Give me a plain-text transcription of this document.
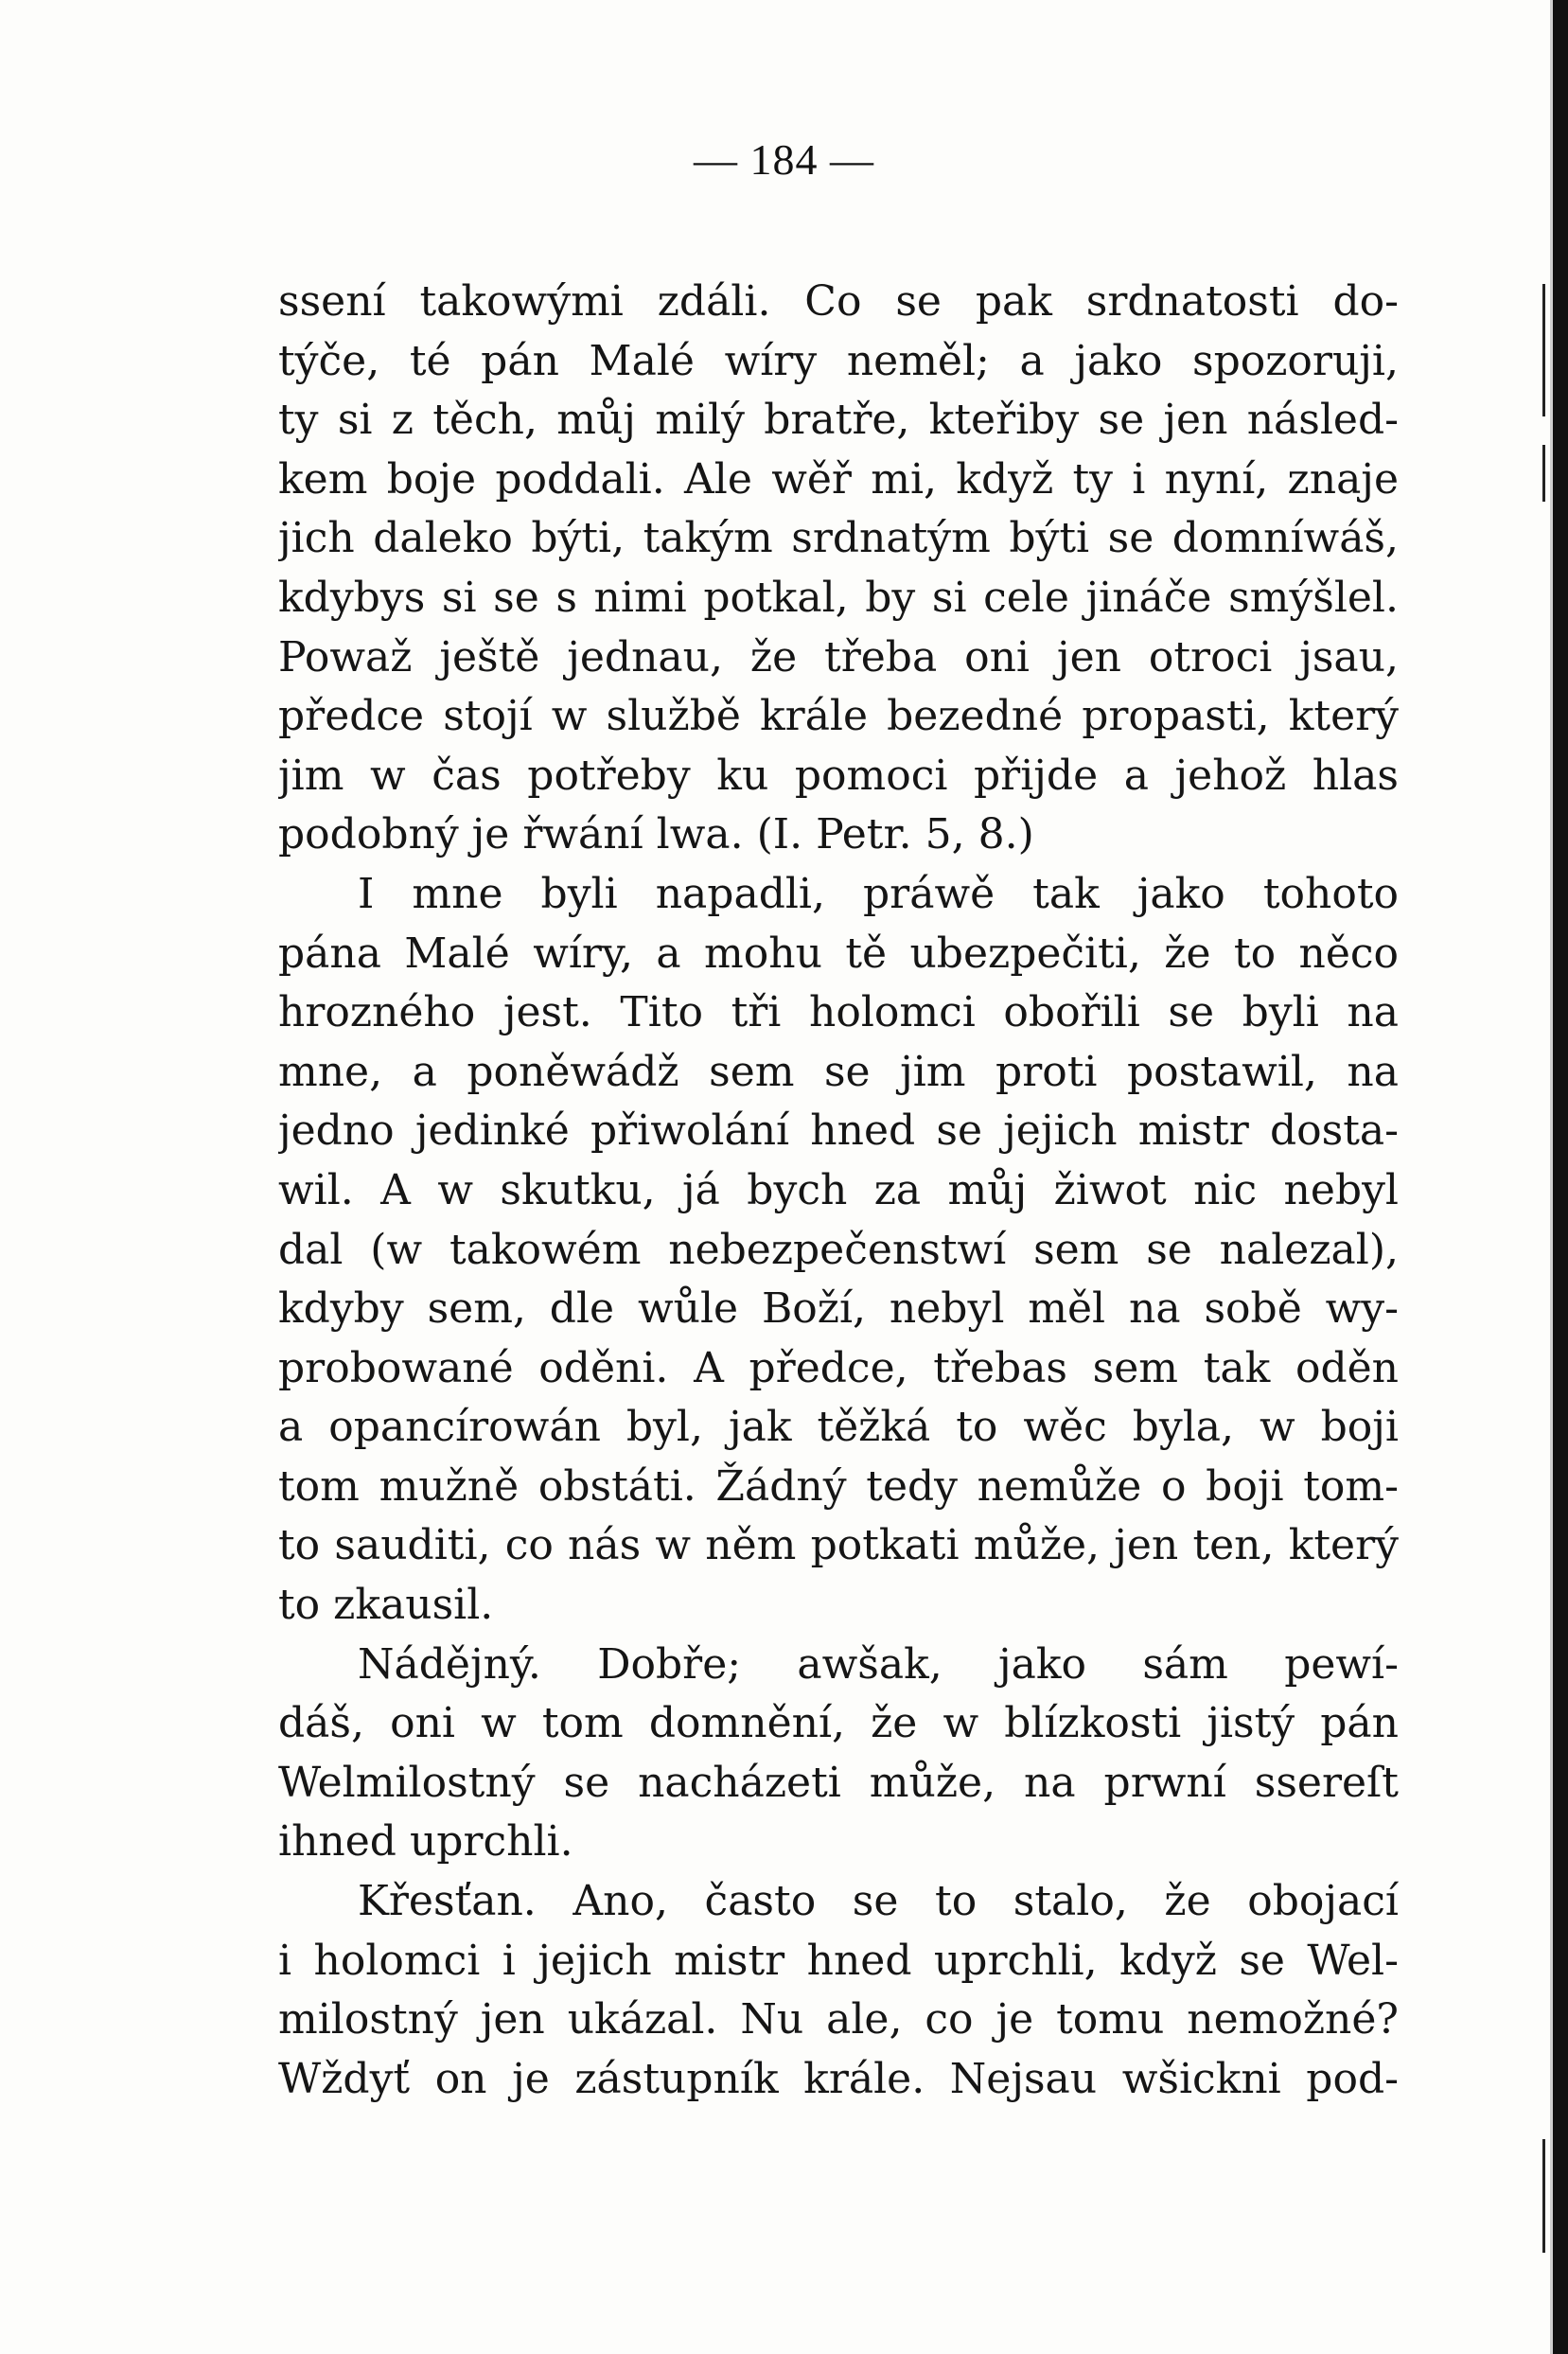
— 184 —
ssení takowými zdáli. Co se pak srdnatosti do-
týče, té pán Malé wíry neměl; a jako spozoruji,
ty si z těch, můj milý bratře, kteřiby se jen násled-
kem boje poddali. Ale wěř mi, když ty i nyní, znaje
jich daleko býti, takým srdnatým býti se domníwáš,
kdybys si se s nimi potkal, by si cele jináče smýšlel.
Powaž ještě jednau, že třeba oni jen otroci jsau,
předce stojí w službě krále bezedné propasti, který
jim w čas potřeby ku pomoci přijde a jehož hlas
podobný je řwání lwa. (I. Petr. 5, 8.)
I mne byli napadli, práwě tak jako tohoto
pána Malé wíry, a mohu tě ubezpečiti, že to něco
hrozného jest. Tito tři holomci obořili se byli na
mne, a poněwádž sem se jim proti postawil, na
jedno jedinké přiwolání hned se jejich mistr dosta-
wil. A w skutku, já bych za můj žiwot nic nebyl
dal (w takowém nebezpečenstwí sem se nalezal),
kdyby sem, dle wůle Boží, nebyl měl na sobě wy-
probowané oděni. A předce, třebas sem tak oděn
a opancírowán byl, jak těžká to wěc byla, w boji
tom mužně obstáti. Žádný tedy nemůže o boji tom-
to sauditi, co nás w něm potkati může, jen ten, který
to zkausil.
Nádějný. Dobře; awšak, jako sám pewí-
dáš, oni w tom domnění, že w blízkosti jistý pán
Welmilostný se nacházeti může, na prwní ssereſt
ihned uprchli.
Křesťan. Ano, často se to stalo, že obojací
i holomci i jejich mistr hned uprchli, když se Wel-
milostný jen ukázal. Nu ale, co je tomu nemožné?
Wždyť on je zástupník krále. Nejsau wšickni pod-
